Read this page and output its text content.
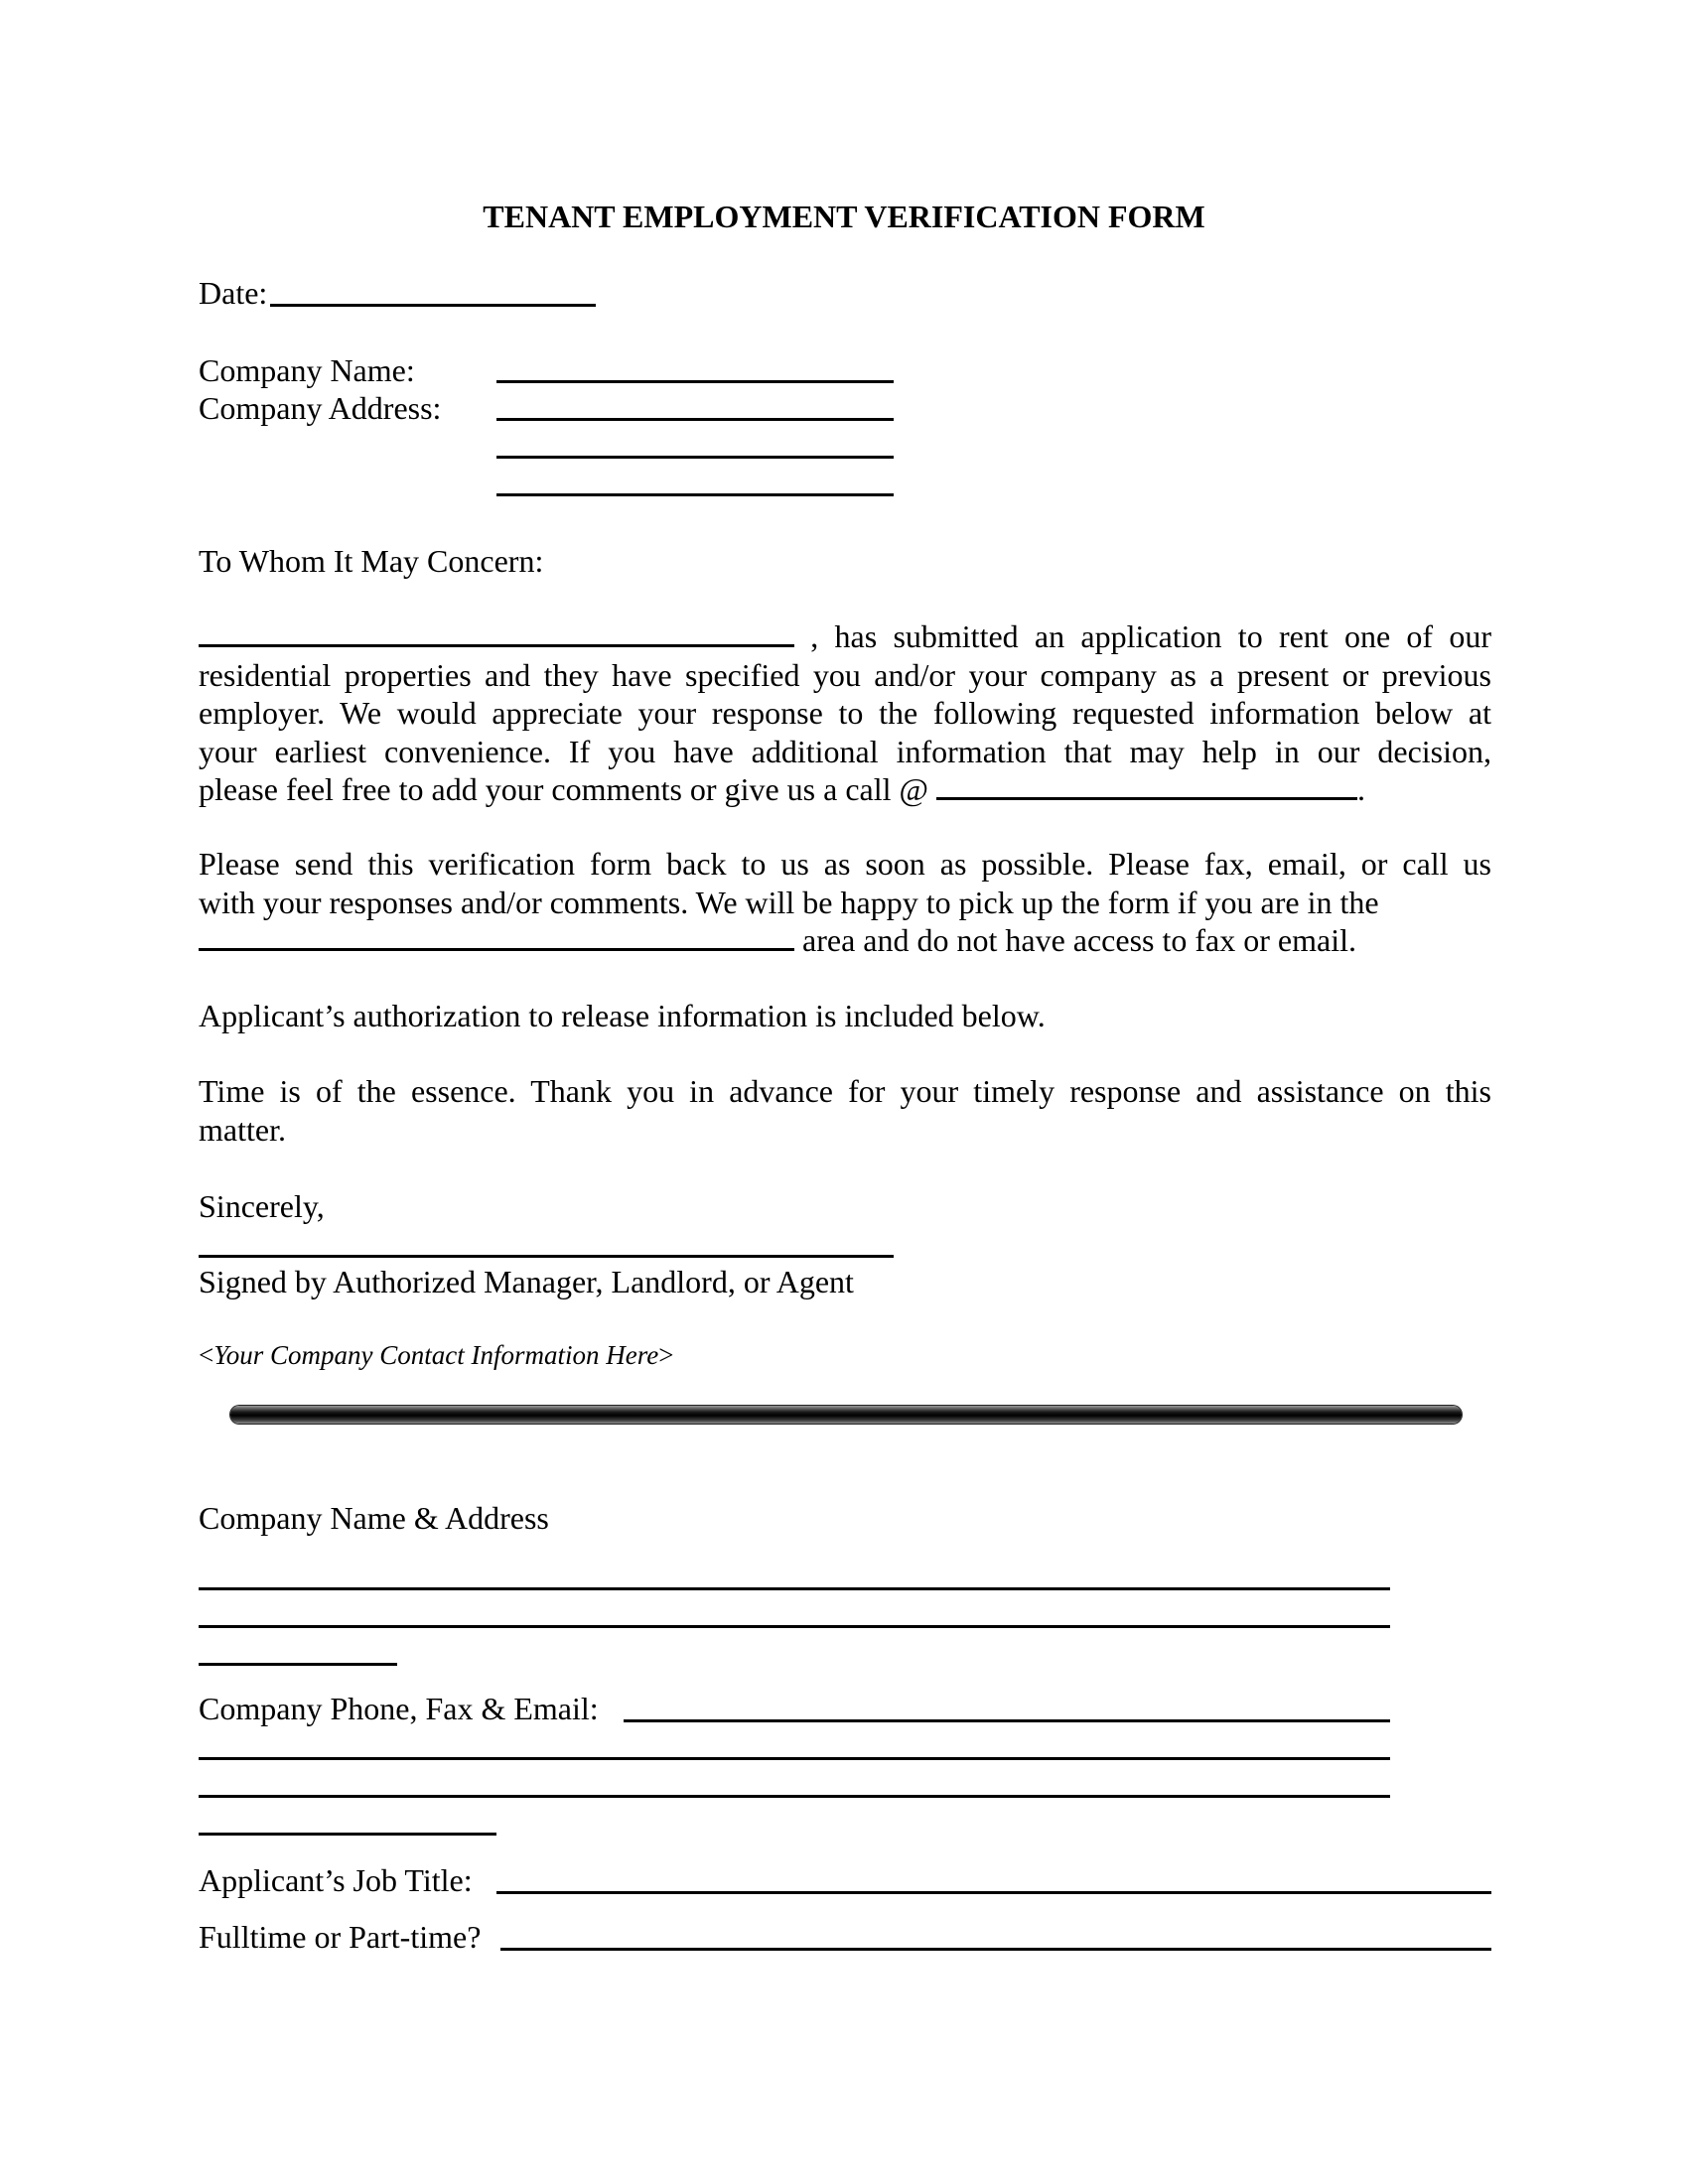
TENANT EMPLOYMENT VERIFICATION FORM
Date:
Company Name:
Company Address:
To Whom It May Concern:
, has submitted an application to rent one of our
residential properties and they have specified you and/or your company as a present or previous
employer. We would appreciate your response to the following requested information below at
your earliest convenience. If you have additional information that may help in our decision,
please feel free to add your comments or give us a call @	.
Please send this verification form back to us as soon as possible. Please fax, email, or call us
with your responses and/or comments. We will be happy to pick up the form if you are in the
area and do not have access to fax or email.
Applicant’s authorization to release information is included below.
Time is of the essence. Thank you in advance for your timely response and assistance on this
matter.
Sincerely,
Signed by Authorized Manager, Landlord, or Agent
<Your Company Contact Information Here>
Company Name & Address
Company Phone, Fax & Email:
Applicant’s Job Title:
Fulltime or Part-time?
